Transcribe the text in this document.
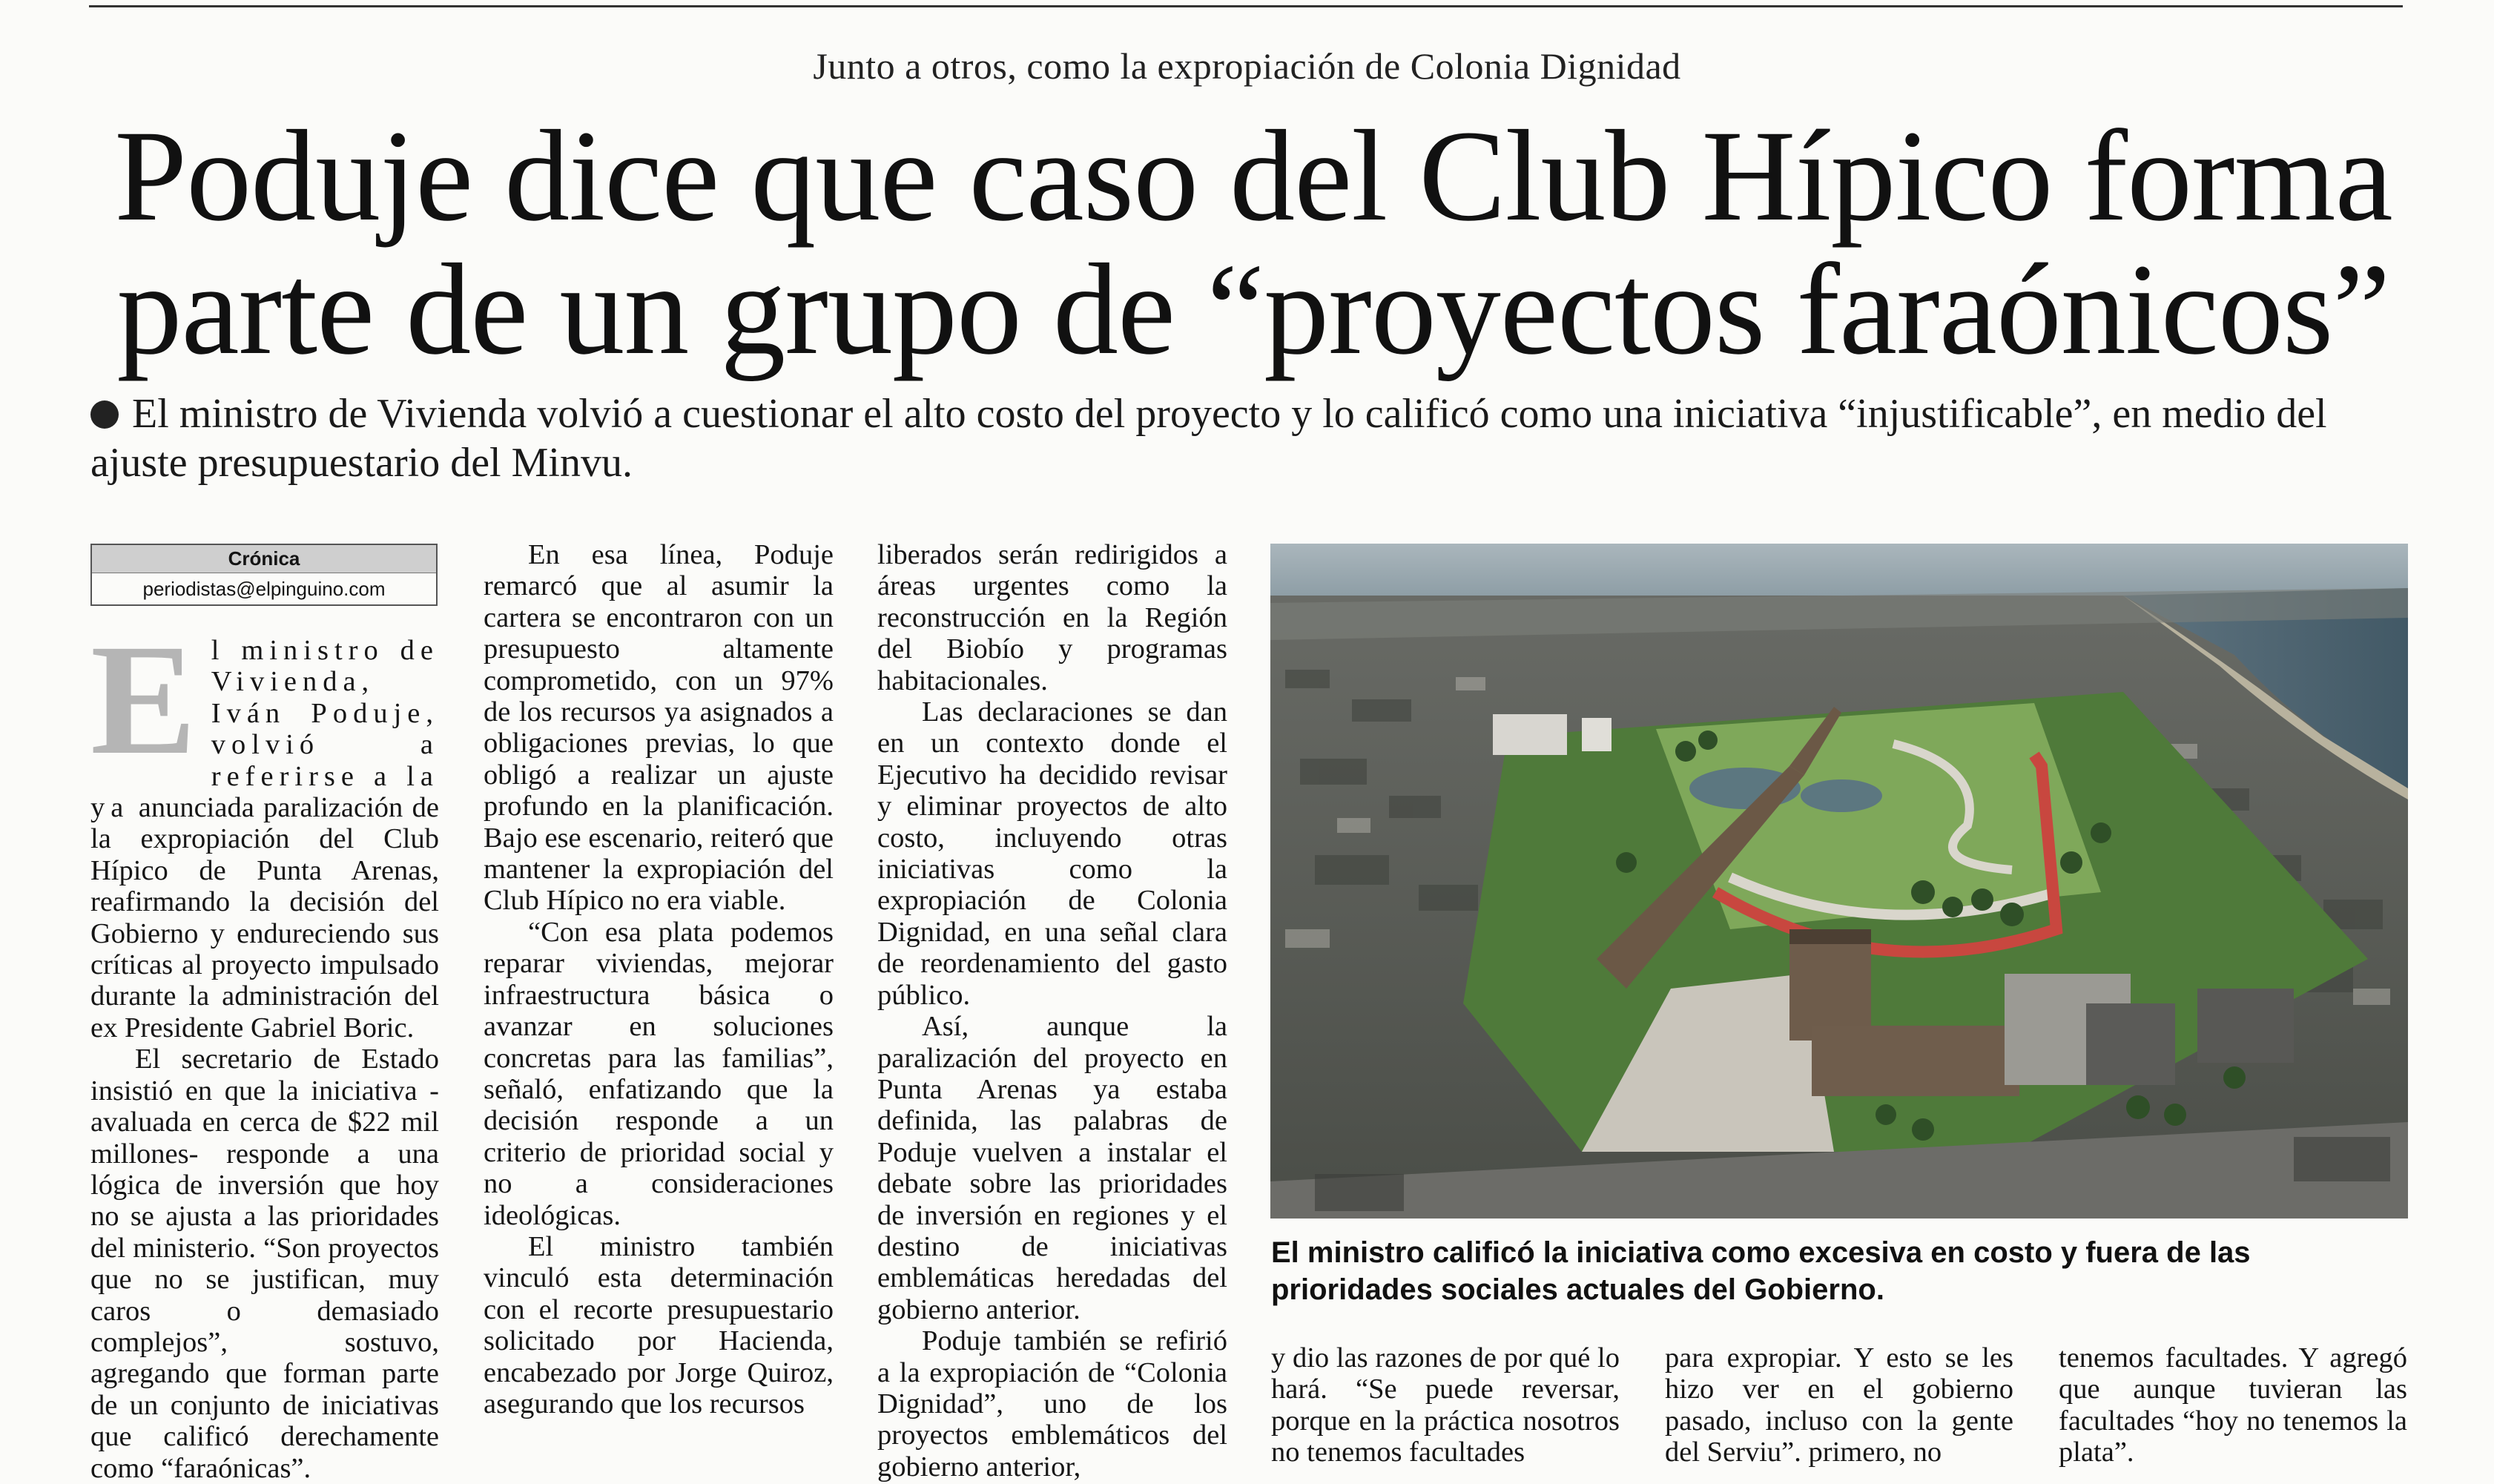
Junto a otros, como la expropiación de Colonia Dignidad
Poduje dice que caso del Club Hípico forma
parte de un grupo de “proyectos faraónicos”
El ministro de Vivienda volvió a cuestionar el alto costo del proyecto y lo calificó como una iniciativa “injustificable”, en medio del ajuste presupuestario del Minvu.
Crónica
periodistas@elpinguino.com

El ministro de Vivienda, Iván Poduje, volvió a referirse a la ya anunciada paralización de la expropiación del Club Hípico de Punta Arenas, reafirmando la decisión del Gobierno y endureciendo sus críticas al proyecto impulsado durante la administración del ex Presidente Gabriel Boric.

El secretario de Estado insistió en que la iniciativa -avaluada en cerca de $22 mil millones- responde a una lógica de inversión que hoy no se ajusta a las prioridades del ministerio. “Son proyectos que no se justifican, muy caros o demasiado complejos”, sostuvo, agregando que forman parte de un conjunto de iniciativas que calificó derechamente como “faraónicas”.

En esa línea, Poduje remarcó que al asumir la cartera se encontraron con un presupuesto altamente comprometido, con un 97% de los recursos ya asignados a obligaciones previas, lo que obligó a realizar un ajuste profundo en la planificación. Bajo ese escenario, reiteró que mantener la expropiación del Club Hípico no era viable.

“Con esa plata podemos reparar viviendas, mejorar infraestructura básica o avanzar en soluciones concretas para las familias”, señaló, enfatizando que la decisión responde a un criterio de prioridad social y no a consideraciones ideológicas.

El ministro también vinculó esta determinación con el recorte presupuestario solicitado por Hacienda, encabezado por Jorge Quiroz, asegurando que los recursos

liberados serán redirigidos a áreas urgentes como la reconstrucción en la Región del Biobío y programas habitacionales.

Las declaraciones se dan en un contexto donde el Ejecutivo ha decidido revisar y eliminar proyectos de alto costo, incluyendo otras iniciativas como la expropiación de Colonia Dignidad, en una señal clara de reordenamiento del gasto público.

Así, aunque la paralización del proyecto en Punta Arenas ya estaba definida, las palabras de Poduje vuelven a instalar el debate sobre las prioridades de inversión en regiones y el destino de iniciativas emblemáticas heredadas del gobierno anterior.

Poduje también se refirió a la expropiación de “Colonia Dignidad”, uno de los proyectos emblemáticos del gobierno anterior,

El ministro calificó la iniciativa como excesiva en costo y fuera de las prioridades sociales actuales del Gobierno.

y dio las razones de por qué lo hará. “Se puede reversar, porque en la práctica nosotros no tenemos facultades

para expropiar. Y esto se les hizo ver en el gobierno pasado, incluso con la gente del Serviu”. primero, no

tenemos facultades. Y agregó que aunque tuvieran las facultades “hoy no tenemos la plata”.
